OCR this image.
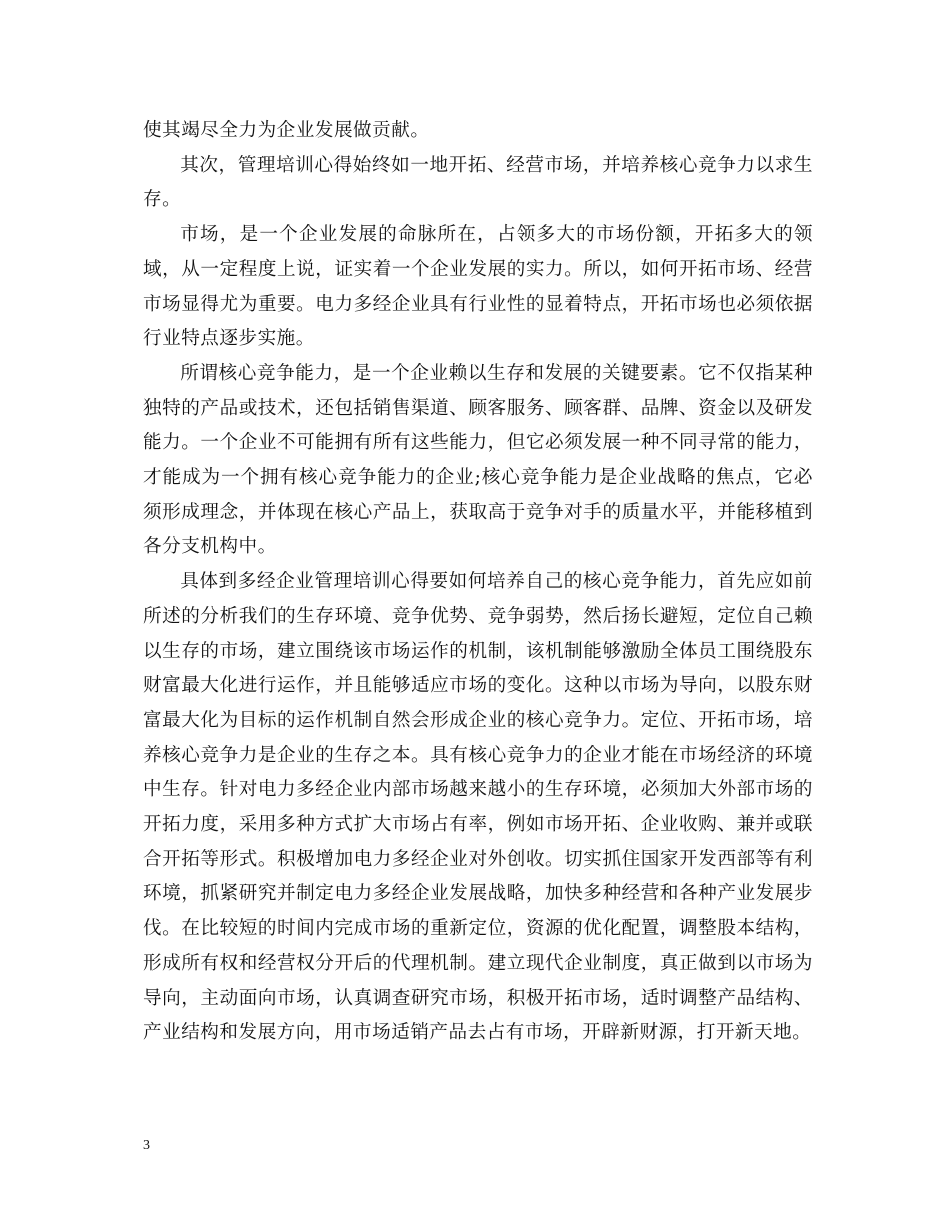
使其竭尽全力为企业发展做贡献。

其次，管理培训心得始终如一地开拓、经营市场，并培养核心竞争力以求生存。

市场，是一个企业发展的命脉所在，占领多大的市场份额，开拓多大的领域，从一定程度上说，证实着一个企业发展的实力。所以，如何开拓市场、经营市场显得尤为重要。电力多经企业具有行业性的显着特点，开拓市场也必须依据行业特点逐步实施。

所谓核心竞争能力，是一个企业赖以生存和发展的关键要素。它不仅指某种独特的产品或技术，还包括销售渠道、顾客服务、顾客群、品牌、资金以及研发能力。一个企业不可能拥有所有这些能力，但它必须发展一种不同寻常的能力，才能成为一个拥有核心竞争能力的企业;核心竞争能力是企业战略的焦点，它必须形成理念，并体现在核心产品上，获取高于竞争对手的质量水平，并能移植到各分支机构中。

具体到多经企业管理培训心得要如何培养自己的核心竞争能力，首先应如前所述的分析我们的生存环境、竞争优势、竞争弱势，然后扬长避短，定位自己赖以生存的市场，建立围绕该市场运作的机制，该机制能够激励全体员工围绕股东财富最大化进行运作，并且能够适应市场的变化。这种以市场为导向，以股东财富最大化为目标的运作机制自然会形成企业的核心竞争力。定位、开拓市场，培养核心竞争力是企业的生存之本。具有核心竞争力的企业才能在市场经济的环境中生存。针对电力多经企业内部市场越来越小的生存环境，必须加大外部市场的开拓力度，采用多种方式扩大市场占有率，例如市场开拓、企业收购、兼并或联合开拓等形式。积极增加电力多经企业对外创收。切实抓住国家开发西部等有利环境，抓紧研究并制定电力多经企业发展战略，加快多种经营和各种产业发展步伐。在比较短的时间内完成市场的重新定位，资源的优化配置，调整股本结构，形成所有权和经营权分开后的代理机制。建立现代企业制度，真正做到以市场为导向，主动面向市场，认真调查研究市场，积极开拓市场，适时调整产品结构、产业结构和发展方向，用市场适销产品去占有市场，开辟新财源，打开新天地。

3
